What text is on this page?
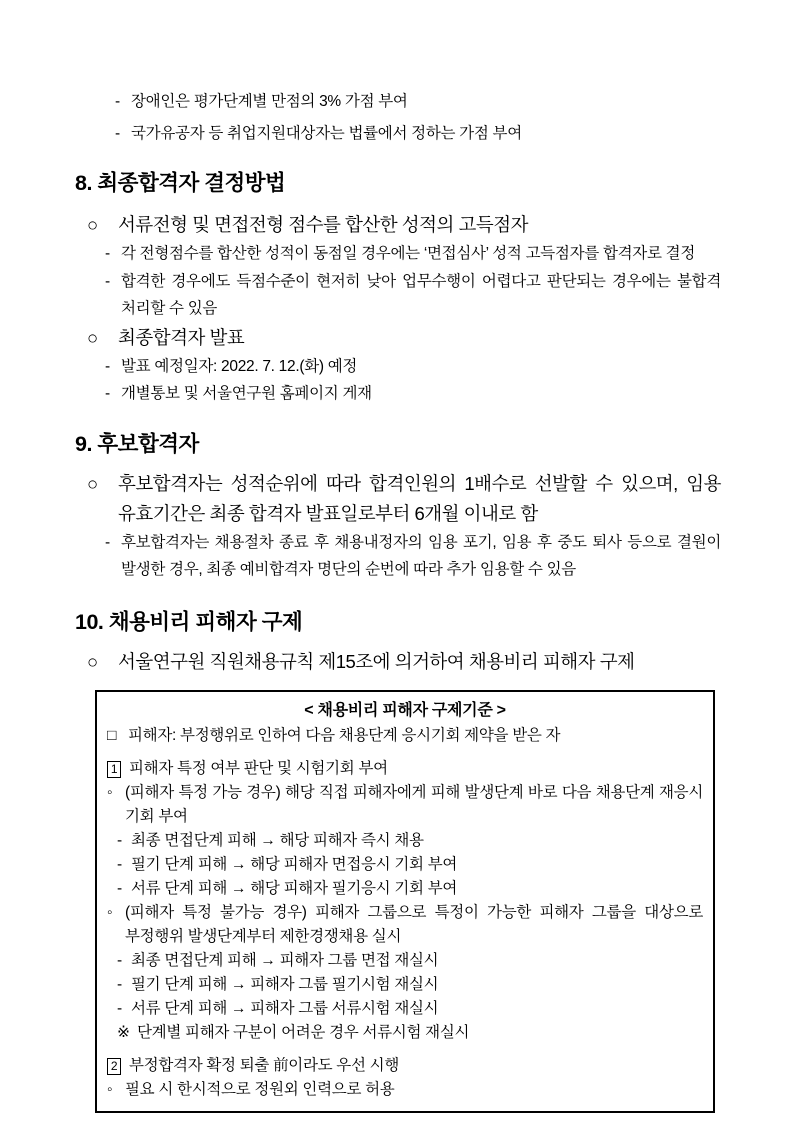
- 장애인은 평가단계별 만점의 3% 가점 부여
- 국가유공자 등 취업지원대상자는 법률에서 정하는 가점 부여
8. 최종합격자 결정방법
○	서류전형 및 면접전형 점수를 합산한 성적의 고득점자
- 각 전형점수를 합산한 성적이 동점일 경우에는 ‘면접심사’ 성적 고득점자를 합격자로 결정
- 합격한 경우에도 득점수준이 현저히 낮아 업무수행이 어렵다고 판단되는 경우에는 불합격 처리할 수 있음
○	최종합격자 발표
- 발표 예정일자: 2022. 7. 12.(화) 예정
- 개별통보 및 서울연구원 홈페이지 게재
9. 후보합격자
○	후보합격자는 성적순위에 따라 합격인원의 1배수로 선발할 수 있으며, 임용 유효기간은 최종 합격자 발표일로부터 6개월 이내로 함
- 후보합격자는 채용절차 종료 후 채용내정자의 임용 포기, 임용 후 중도 퇴사 등으로 결원이 발생한 경우, 최종 예비합격자 명단의 순번에 따라 추가 임용할 수 있음
10. 채용비리 피해자 구제
○	서울연구원 직원채용규칙 제15조에 의거하여 채용비리 피해자 구제
< 채용비리 피해자 구제기준 >
□ 피해자: 부정행위로 인하여 다음 채용단계 응시기회 제약을 받은 자
1 피해자 특정 여부 판단 및 시험기회 부여
◦ (피해자 특정 가능 경우) 해당 직접 피해자에게 피해 발생단계 바로 다음 채용단계 재응시 기회 부여
- 최종 면접단계 피해 → 해당 피해자 즉시 채용
- 필기 단계 피해 → 해당 피해자 면접응시 기회 부여
- 서류 단계 피해 → 해당 피해자 필기응시 기회 부여
◦ (피해자 특정 불가능 경우) 피해자 그룹으로 특정이 가능한 피해자 그룹을 대상으로 부정행위 발생단계부터 제한경쟁채용 실시
- 최종 면접단계 피해 → 피해자 그룹 면접 재실시
- 필기 단계 피해 → 피해자 그룹 필기시험 재실시
- 서류 단계 피해 → 피해자 그룹 서류시험 재실시
※ 단계별 피해자 구분이 어려운 경우 서류시험 재실시
2 부정합격자 확정 퇴출 前이라도 우선 시행
◦ 필요 시 한시적으로 정원외 인력으로 허용
